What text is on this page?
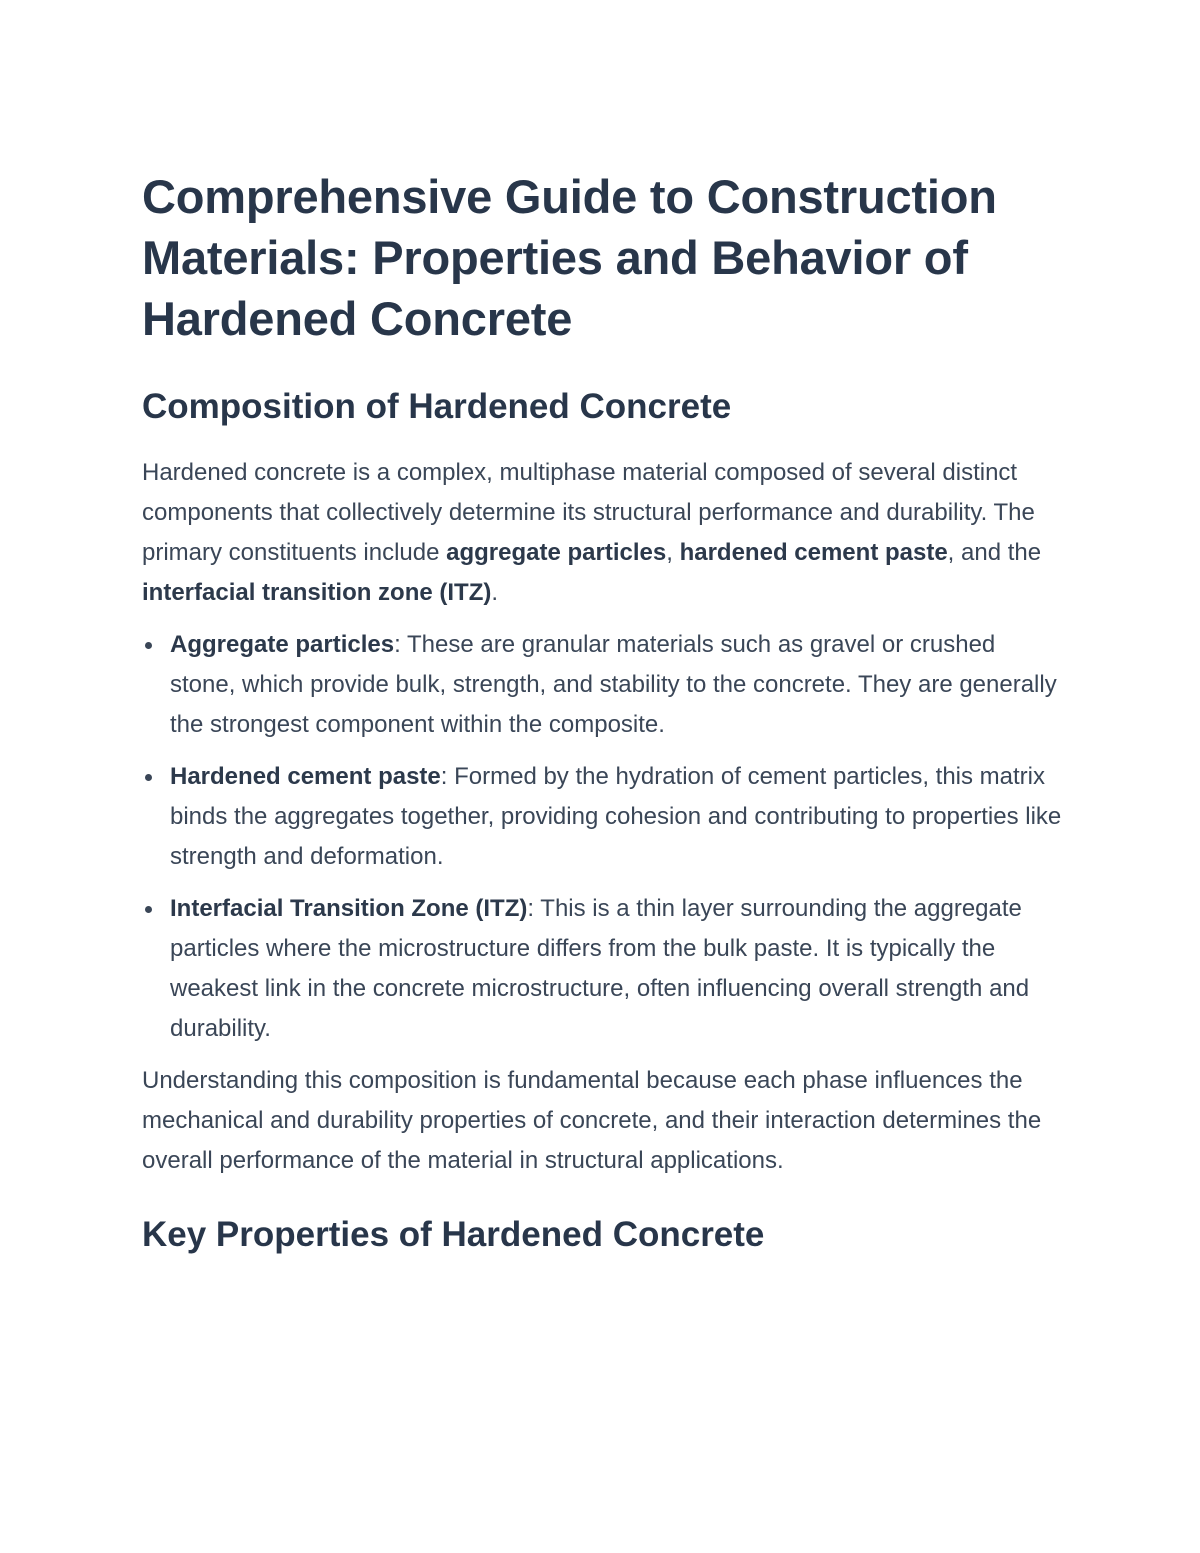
Comprehensive Guide to Construction Materials: Properties and Behavior of Hardened Concrete
Composition of Hardened Concrete

Hardened concrete is a complex, multiphase material composed of several distinct components that collectively determine its structural performance and durability. The primary constituents include aggregate particles, hardened cement paste, and the interfacial transition zone (ITZ).

Aggregate particles: These are granular materials such as gravel or crushed stone, which provide bulk, strength, and stability to the concrete. They are generally the strongest component within the composite.
Hardened cement paste: Formed by the hydration of cement particles, this matrix binds the aggregates together, providing cohesion and contributing to properties like strength and deformation.
Interfacial Transition Zone (ITZ): This is a thin layer surrounding the aggregate particles where the microstructure differs from the bulk paste. It is typically the weakest link in the concrete microstructure, often influencing overall strength and durability.

Understanding this composition is fundamental because each phase influences the mechanical and durability properties of concrete, and their interaction determines the overall performance of the material in structural applications.

Key Properties of Hardened Concrete
